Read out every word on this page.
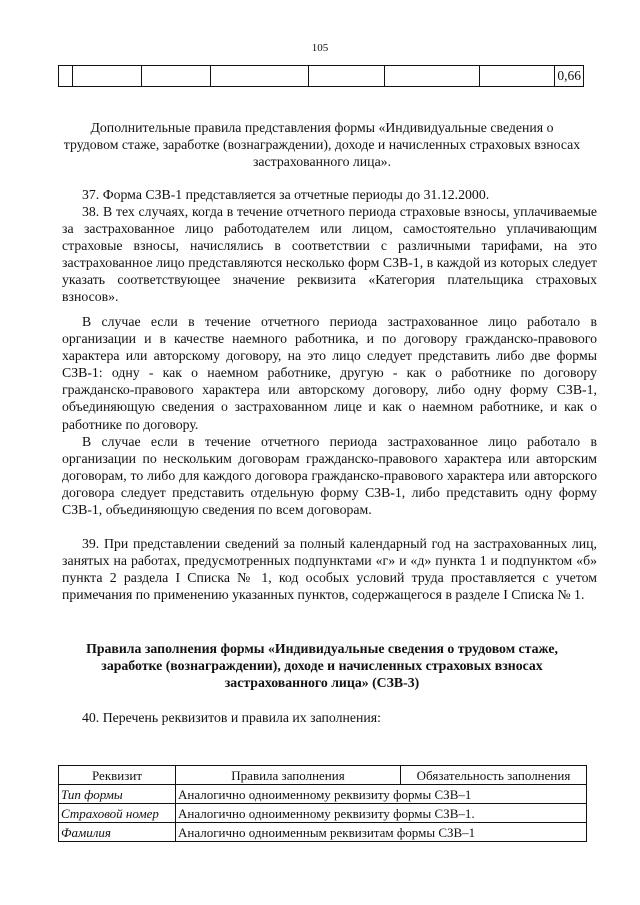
105
							0,66
Дополнительные правила представления формы «Индивидуальные сведения о трудовом стаже, заработке (вознаграждении), доходе и начисленных страховых взносах застрахованного лица».

37. Форма СЗВ-1 представляется за отчетные периоды до 31.12.2000.

38. В тех случаях, когда в течение отчетного периода страховые взносы, уплачиваемые за застрахованное лицо работодателем или лицом, самостоятельно уплачивающим страховые взносы, начислялись в соответствии с различными тарифами, на это застрахованное лицо представляются несколько форм СЗВ-1, в каждой из которых следует указать соответствующее значение реквизита «Категория плательщика страховых взносов».

В случае если в течение отчетного периода застрахованное лицо работало в организации и в качестве наемного работника, и по договору гражданско-правового характера или авторскому договору, на это лицо следует представить либо две формы СЗВ-1: одну - как о наемном работнике, другую - как о работнике по договору гражданско-правового характера или авторскому договору, либо одну форму СЗВ-1, объединяющую сведения о застрахованном лице и как о наемном работнике, и как о работнике по договору.

В случае если в течение отчетного периода застрахованное лицо работало в организации по нескольким договорам гражданско-правового характера или авторским договорам, то либо для каждого договора гражданско-правового характера или авторского договора следует представить отдельную форму СЗВ-1, либо представить одну форму СЗВ-1, объединяющую сведения по всем договорам.

39. При представлении сведений за полный календарный год на застрахованных лиц, занятых на работах, предусмотренных подпунктами «г» и «д» пункта 1 и подпунктом «б» пункта 2 раздела I Списка № 1, код особых условий труда проставляется с учетом примечания по применению указанных пунктов, содержащегося в разделе I Списка № 1.

Правила заполнения формы «Индивидуальные сведения о трудовом стаже, заработке (вознаграждении), доходе и начисленных страховых взносах застрахованного лица» (СЗВ-3)

40. Перечень реквизитов и правила их заполнения:

Реквизит	Правила заполнения	Обязательность заполнения
Тип формы	Аналогично одноименному реквизиту формы СЗВ–1	
Страховой номер	Аналогично одноименному реквизиту формы СЗВ–1.	
Фамилия	Аналогично одноименным реквизитам формы СЗВ–1	
